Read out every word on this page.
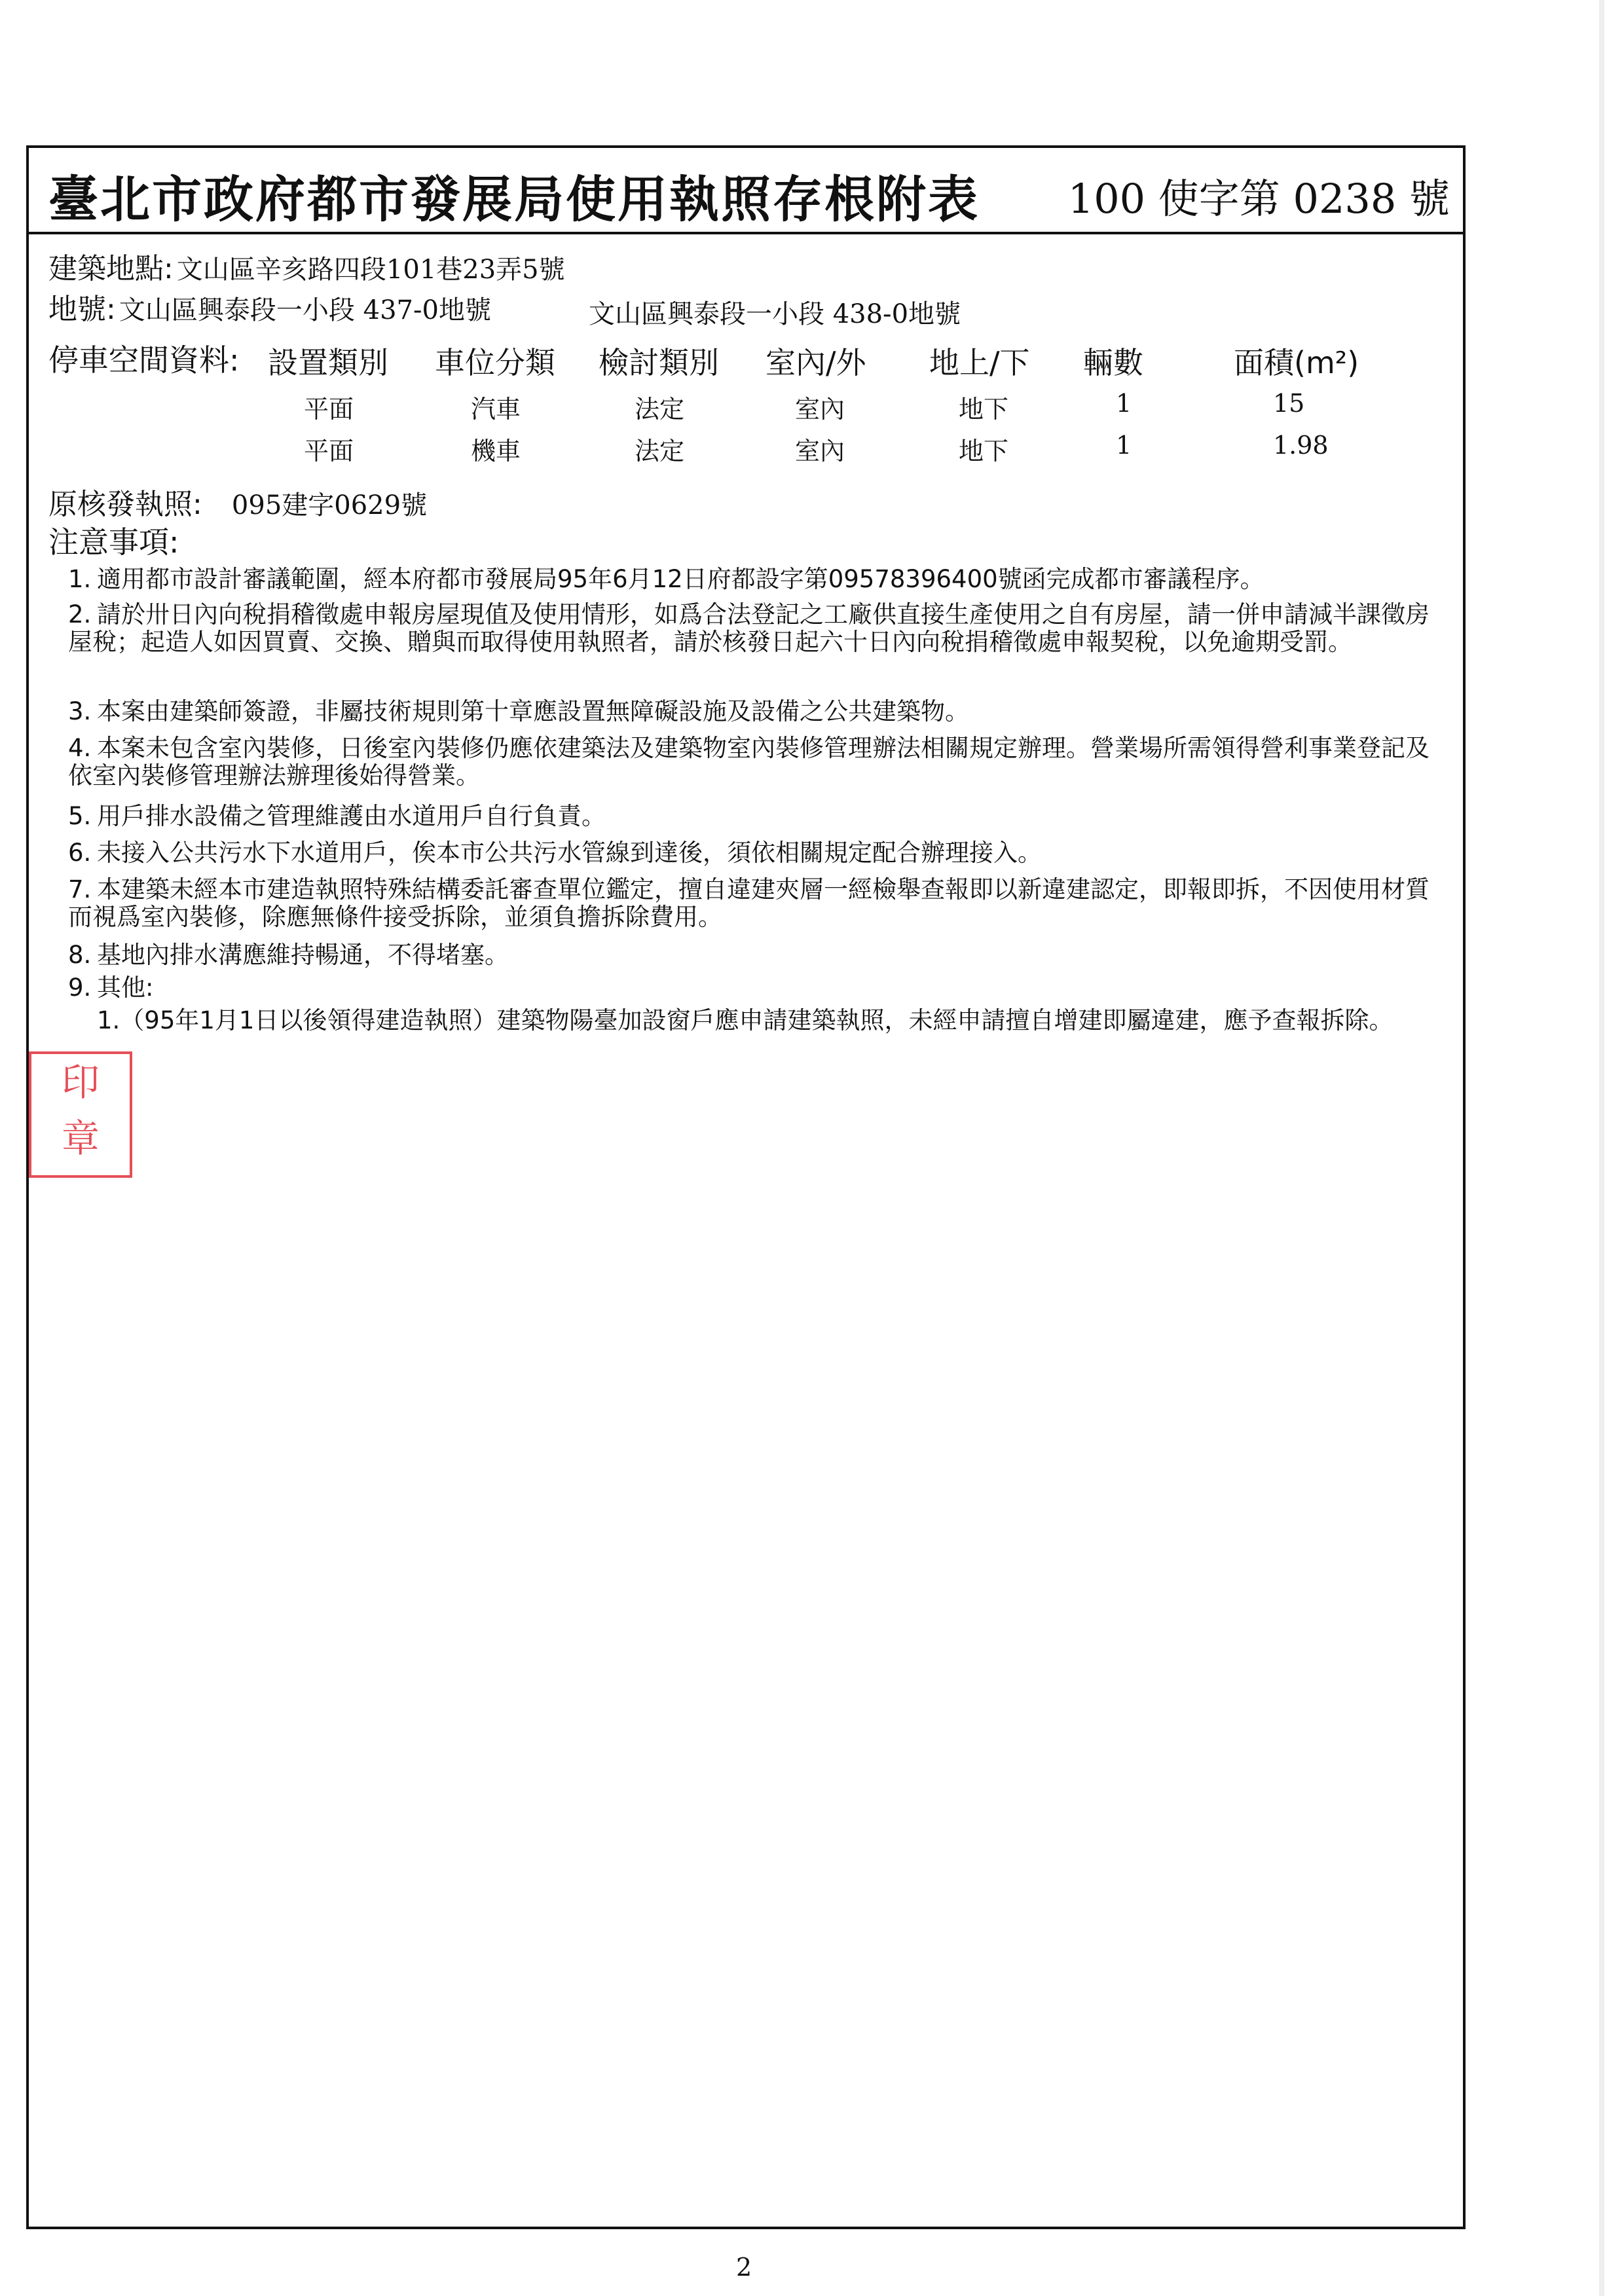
臺北市政府都市發展局使用執照存根附表 100 使字第 0238 號
建築地點: 文山區辛亥路四段101巷23弄5號
地號: 文山區興泰段一小段 437-0地號	文山區興泰段一小段 438-0地號
停車空間資料: 設置類別 車位分類 檢討類別 室內/外 地上/下 輛數	面積(m²)
平面	汽車	法定	室內	地下	1	15
平面	機車	法定	室內	地下	1	1.98
原核發執照: 095建字0629號
注意事項:
1. 適用都市設計審議範圍，經本府都市發展局95年6月12日府都設字第09578396400號函完成都市審議程序。
2. 請於卅日內向稅捐稽徵處申報房屋現值及使用情形，如爲合法登記之工廠供直接生產使用之自有房屋，請一併申請減半課徵房屋稅；起造人如因買賣、交換、贈與而取得使用執照者，請於核發日起六十日內向稅捐稽徵處申報契稅，以免逾期受罰。
3. 本案由建築師簽證，非屬技術規則第十章應設置無障礙設施及設備之公共建築物。
4. 本案未包含室內裝修，日後室內裝修仍應依建築法及建築物室內裝修管理辦法相關規定辦理。營業場所需領得營利事業登記及依室內裝修管理辦法辦理後始得營業。
5. 用戶排水設備之管理維護由水道用戶自行負責。
6. 未接入公共污水下水道用戶，俟本市公共污水管線到達後，須依相關規定配合辦理接入。
7. 本建築未經本市建造執照特殊結構委託審查單位鑑定，擅自違建夾層一經檢舉查報即以新違建認定，即報即拆，不因使用材質而視爲室內裝修，除應無條件接受拆除，並須負擔拆除費用。
8. 基地內排水溝應維持暢通，不得堵塞。
9. 其他:
1.（95年1月1日以後領得建造執照）建築物陽臺加設窗戶應申請建築執照，未經申請擅自增建即屬違建，應予查報拆除。
印
章
2
